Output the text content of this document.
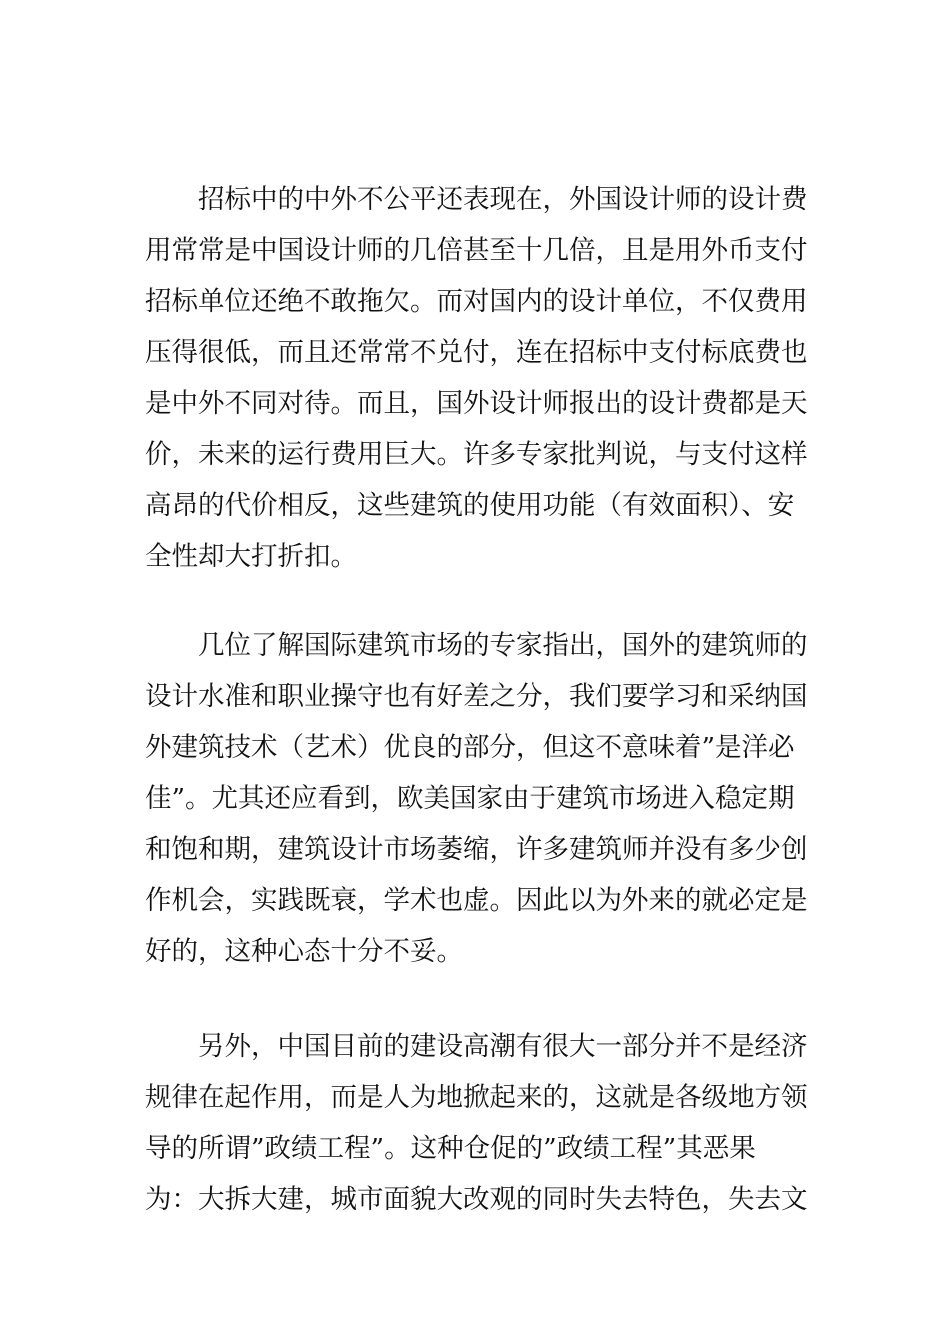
　　招标中的中外不公平还表现在，外国设计师的设计费
用常常是中国设计师的几倍甚至十几倍，且是用外币支付
招标单位还绝不敢拖欠。而对国内的设计单位，不仅费用
压得很低，而且还常常不兑付，连在招标中支付标底费也
是中外不同对待。而且，国外设计师报出的设计费都是天
价，未来的运行费用巨大。许多专家批判说，与支付这样
高昂的代价相反，这些建筑的使用功能（有效面积）、安
全性却大打折扣。
　　几位了解国际建筑市场的专家指出，国外的建筑师的
设计水准和职业操守也有好差之分，我们要学习和采纳国
外建筑技术（艺术）优良的部分，但这不意味着”是洋必
佳”。尤其还应看到，欧美国家由于建筑市场进入稳定期
和饱和期，建筑设计市场萎缩，许多建筑师并没有多少创
作机会，实践既衰，学术也虚。因此以为外来的就必定是
好的，这种心态十分不妥。
　　另外，中国目前的建设高潮有很大一部分并不是经济
规律在起作用，而是人为地掀起来的，这就是各级地方领
导的所谓”政绩工程”。这种仓促的”政绩工程”其恶果
为：大拆大建，城市面貌大改观的同时失去特色，失去文
